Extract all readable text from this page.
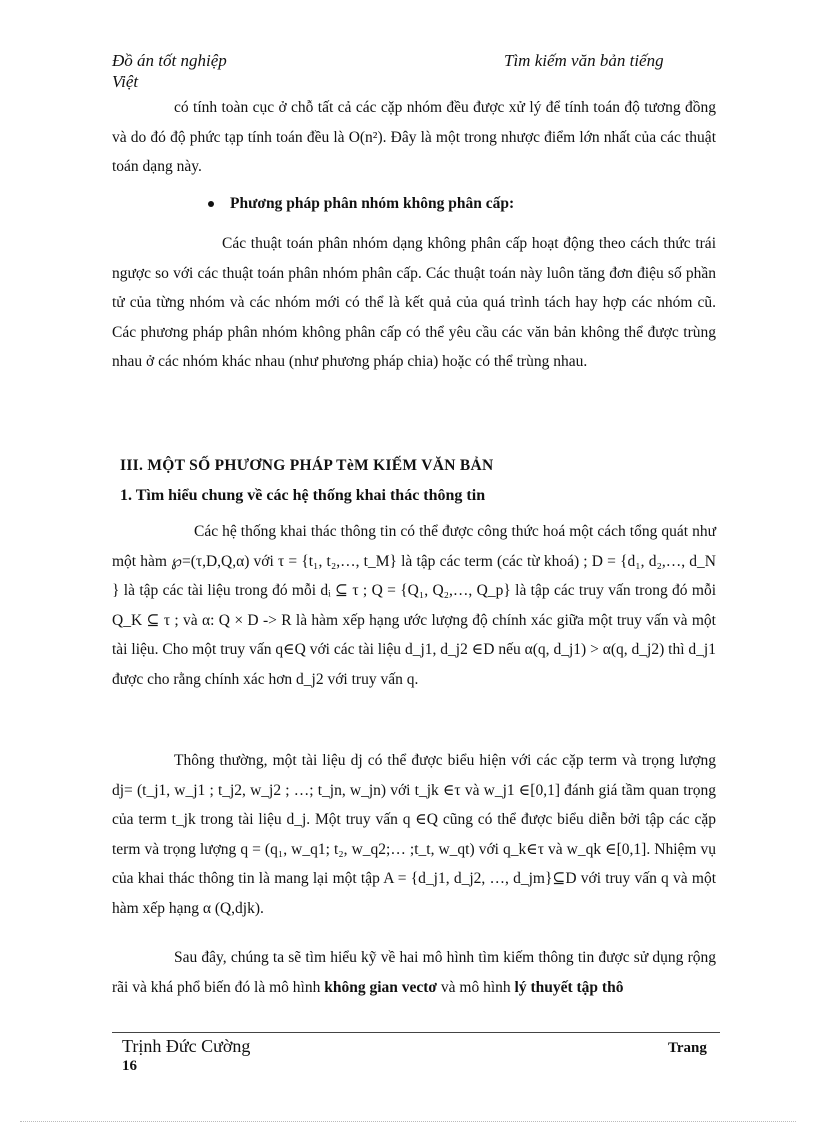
Đồ án tốt nghiệp	Tìm kiếm văn bản tiếng
Việt
có tính toàn cục ở chỗ tất cả các cặp nhóm đều được xử lý để tính toán độ tương đồng và do đó độ phức tạp tính toán đều là O(n²). Đây là một trong nhược điểm lớn nhất của các thuật toán dạng này.
Phương pháp phân nhóm không phân cấp:
Các thuật toán phân nhóm dạng không phân cấp hoạt động theo cách thức trái ngược so với các thuật toán phân nhóm phân cấp. Các thuật toán này luôn tăng đơn điệu số phần tử của từng nhóm và các nhóm mới có thể là kết quả của quá trình tách hay hợp các nhóm cũ. Các phương pháp phân nhóm không phân cấp có thể yêu cầu các văn bản không thể được trùng nhau ở các nhóm khác nhau (như phương pháp chia) hoặc có thể trùng nhau.
III. MỘT SỐ PHƯƠNG PHÁP TèM KIẾM VĂN BẢN
1. Tìm hiểu chung về các hệ thống khai thác thông tin
Các hệ thống khai thác thông tin có thể được công thức hoá một cách tổng quát như một hàm ℘=(τ,D,Q,α) với τ = {t₁, t₂,…, t_M} là tập các term (các từ khoá) ; D = {d₁, d₂,…, d_N } là tập các tài liệu trong đó mỗi dᵢ ⊆ τ ; Q = {Q₁, Q₂,…, Q_p} là tập các truy vấn trong đó mỗi Q_K ⊆ τ ; và α: Q × D -> R là hàm xếp hạng ước lượng độ chính xác giữa một truy vấn và một tài liệu. Cho một truy vấn q∈Q với các tài liệu d_j1, d_j2 ∈D nếu α(q, d_j1) > α(q, d_j2) thì d_j1 được cho rằng chính xác hơn d_j2 với truy vấn q.
Thông thường, một tài liệu dj có thể được biểu hiện với các cặp term và trọng lượng dj= (t_j1, w_j1 ; t_j2, w_j2 ; …; t_jn, w_jn) với t_jk ∈τ và w_j1 ∈[0,1] đánh giá tầm quan trọng của term t_jk trong tài liệu d_j. Một truy vấn q ∈Q cũng có thể được biểu diễn bởi tập các cặp term và trọng lượng q = (q₁, w_q1; t₂, w_q2;… ;t_t, w_qt) với q_k∈τ và w_qk ∈[0,1]. Nhiệm vụ của khai thác thông tin là mang lại một tập A = {d_j1, d_j2, …, d_jm}⊆D với truy vấn q và một hàm xếp hạng α (Q,djk).
Sau đây, chúng ta sẽ tìm hiểu kỹ về hai mô hình tìm kiếm thông tin được sử dụng rộng rãi và khá phổ biến đó là mô hình không gian vectơ và mô hình lý thuyết tập thô
Trịnh Đức Cường	Trang
16
